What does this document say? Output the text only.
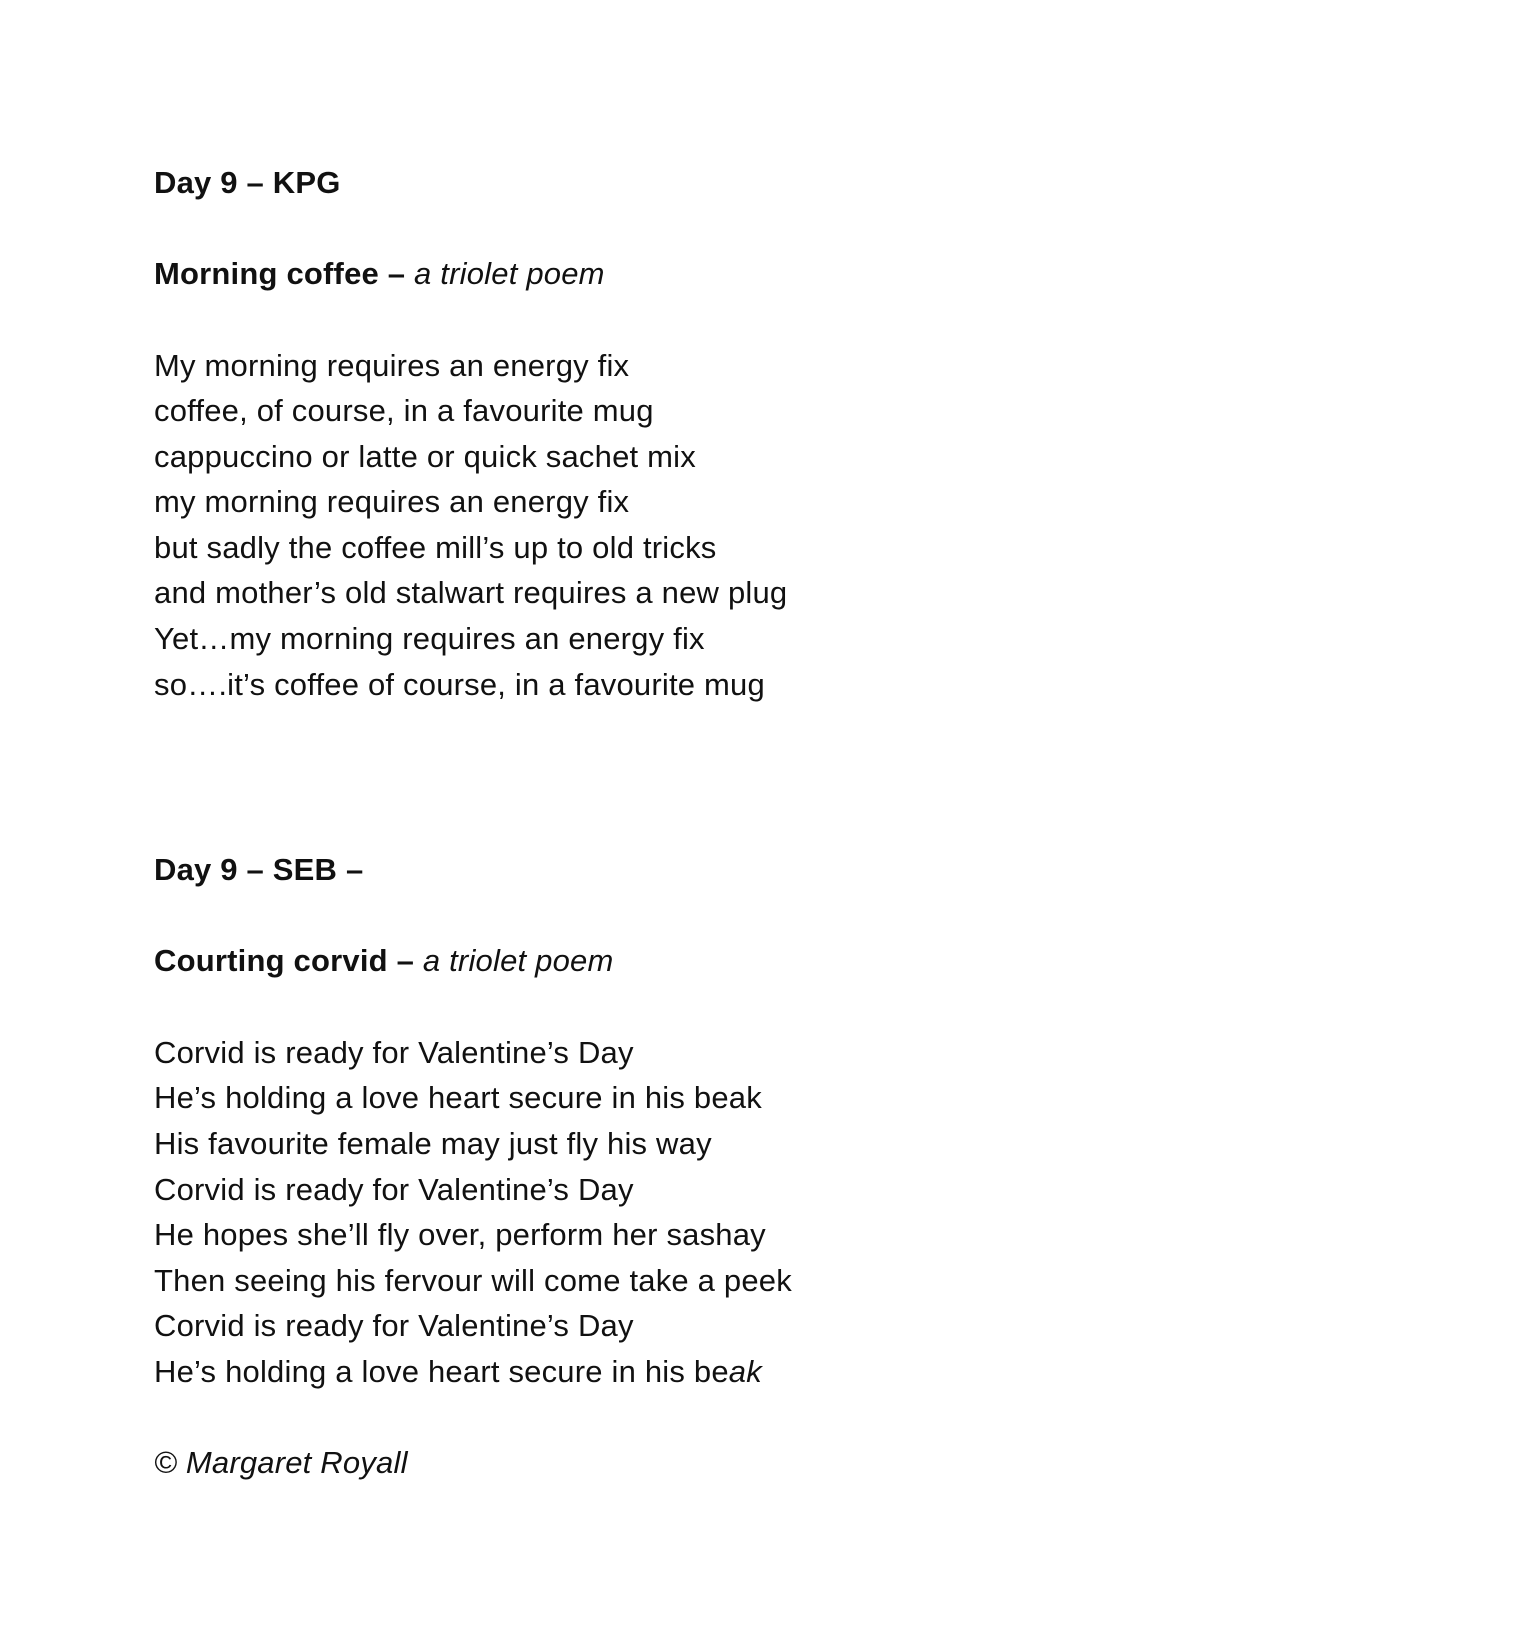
Day 9 – KPG
Morning coffee – a triolet poem
My morning requires an energy fix
coffee, of course, in a favourite mug
cappuccino or latte or quick sachet mix
my morning requires an energy fix
but sadly the coffee mill’s up to old tricks
and mother’s old stalwart requires a new plug
Yet…my morning requires an energy fix
so….it’s coffee of course, in a favourite mug
Day 9 – SEB –
Courting corvid – a triolet poem
Corvid is ready for Valentine’s Day
He’s holding a love heart secure in his beak
His favourite female may just fly his way
Corvid is ready for Valentine’s Day
He hopes she’ll fly over, perform her sashay
Then seeing his fervour will come take a peek
Corvid is ready for Valentine’s Day
He’s holding a love heart secure in his beak
© Margaret Royall
